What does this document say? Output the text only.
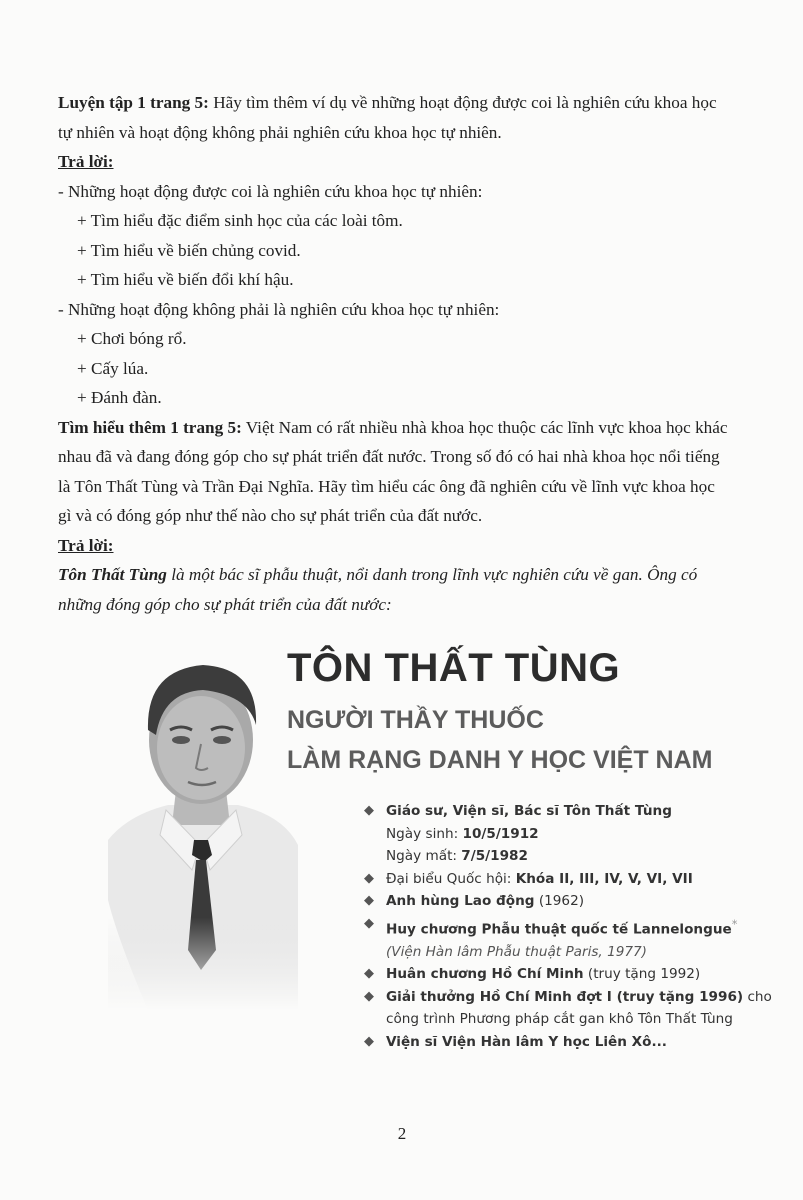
Luyện tập 1 trang 5: Hãy tìm thêm ví dụ về những hoạt động được coi là nghiên cứu khoa học
tự nhiên và hoạt động không phải nghiên cứu khoa học tự nhiên.
Trả lời:
- Những hoạt động được coi là nghiên cứu khoa học tự nhiên:
+ Tìm hiểu đặc điểm sinh học của các loài tôm.
+ Tìm hiểu về biến chủng covid.
+ Tìm hiểu về biến đổi khí hậu.
- Những hoạt động không phải là nghiên cứu khoa học tự nhiên:
+ Chơi bóng rổ.
+ Cấy lúa.
+ Đánh đàn.
Tìm hiểu thêm 1 trang 5: Việt Nam có rất nhiều nhà khoa học thuộc các lĩnh vực khoa học khác
nhau đã và đang đóng góp cho sự phát triển đất nước. Trong số đó có hai nhà khoa học nổi tiếng
là Tôn Thất Tùng và Trần Đại Nghĩa. Hãy tìm hiểu các ông đã nghiên cứu về lĩnh vực khoa học
gì và có đóng góp như thế nào cho sự phát triển của đất nước.
Trả lời:
Tôn Thất Tùng là một bác sĩ phẫu thuật, nổi danh trong lĩnh vực nghiên cứu về gan. Ông có
những đóng góp cho sự phát triển của đất nước:
TÔN THẤT TÙNG
NGƯỜI THẦY THUỐC
LÀM RẠNG DANH Y HỌC VIỆT NAM
◆ Giáo sư, Viện sĩ, Bác sĩ Tôn Thất Tùng
Ngày sinh: 10/5/1912
Ngày mất: 7/5/1982
◆ Đại biểu Quốc hội: Khóa II, III, IV, V, VI, VII
◆ Anh hùng Lao động (1962)
◆ Huy chương Phẫu thuật quốc tế Lannelongue*
(Viện Hàn lâm Phẫu thuật Paris, 1977)
◆ Huân chương Hồ Chí Minh (truy tặng 1992)
◆ Giải thưởng Hồ Chí Minh đợt I (truy tặng 1996) cho
công trình Phương pháp cắt gan khô Tôn Thất Tùng
◆ Viện sĩ Viện Hàn lâm Y học Liên Xô...
2
